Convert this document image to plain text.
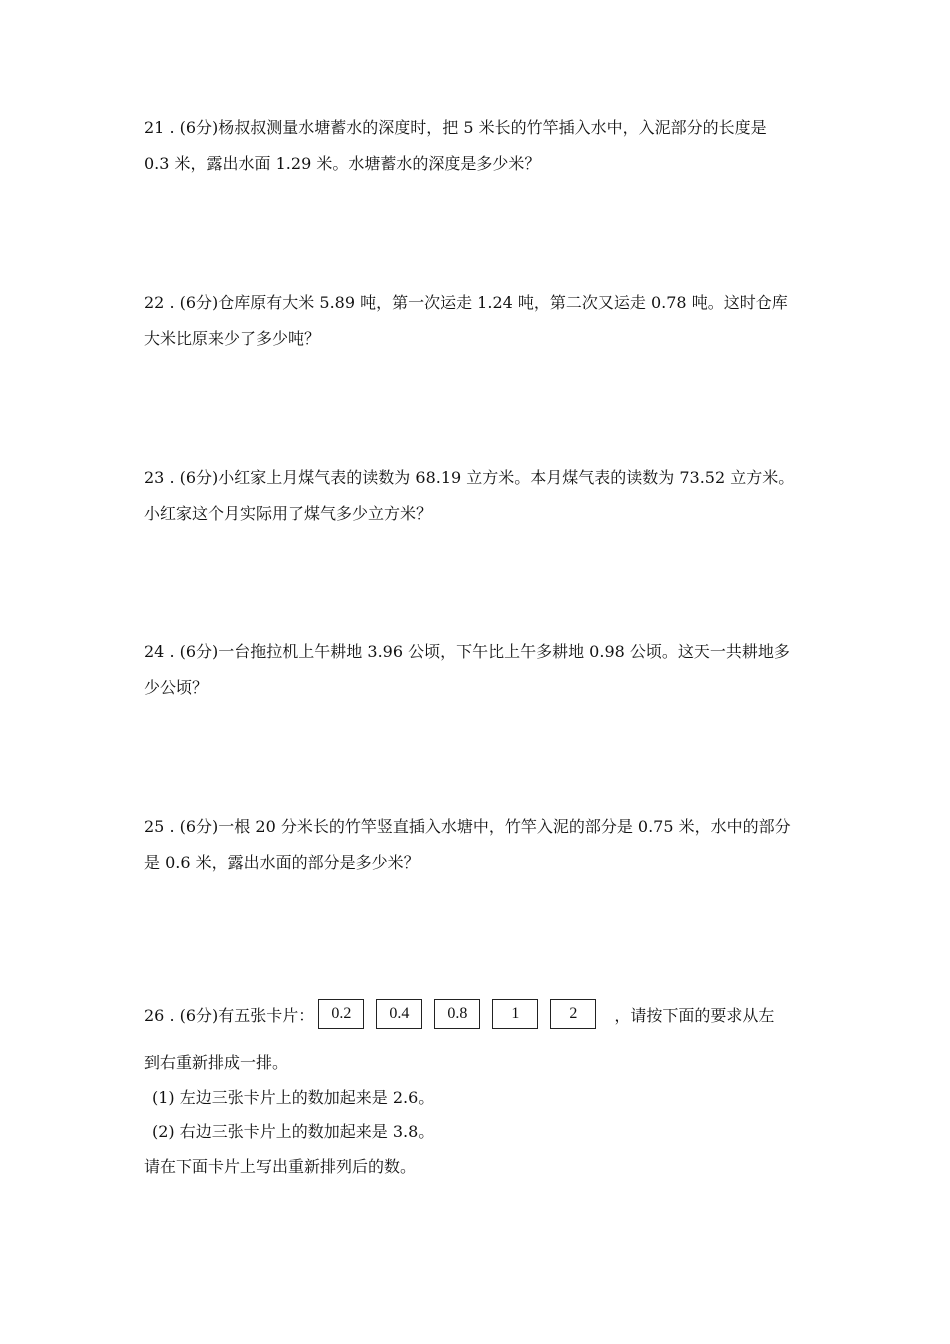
21 . (6分)杨叔叔测量水塘蓄水的深度时，把 5 米长的竹竿插入水中，入泥部分的长度是
0.3 米，露出水面 1.29 米。水塘蓄水的深度是多少米？
22 . (6分)仓库原有大米 5.89 吨，第一次运走 1.24 吨，第二次又运走 0.78 吨。这时仓库
大米比原来少了多少吨？
23 . (6分)小红家上月煤气表的读数为 68.19 立方米。本月煤气表的读数为 73.52 立方米。
小红家这个月实际用了煤气多少立方米？
24 . (6分)一台拖拉机上午耕地 3.96 公顷，下午比上午多耕地 0.98 公顷。这天一共耕地多
少公顷？
25 . (6分)一根 20 分米长的竹竿竖直插入水塘中，竹竿入泥的部分是 0.75 米，水中的部分
是 0.6 米，露出水面的部分是多少米？
26 . (6分)有五张卡片： 0.2 0.4 0.8	1	2 ，请按下面的要求从左
到右重新排成一排。
(1) 左边三张卡片上的数加起来是 2.6。
(2) 右边三张卡片上的数加起来是 3.8。
请在下面卡片上写出重新排列后的数。
